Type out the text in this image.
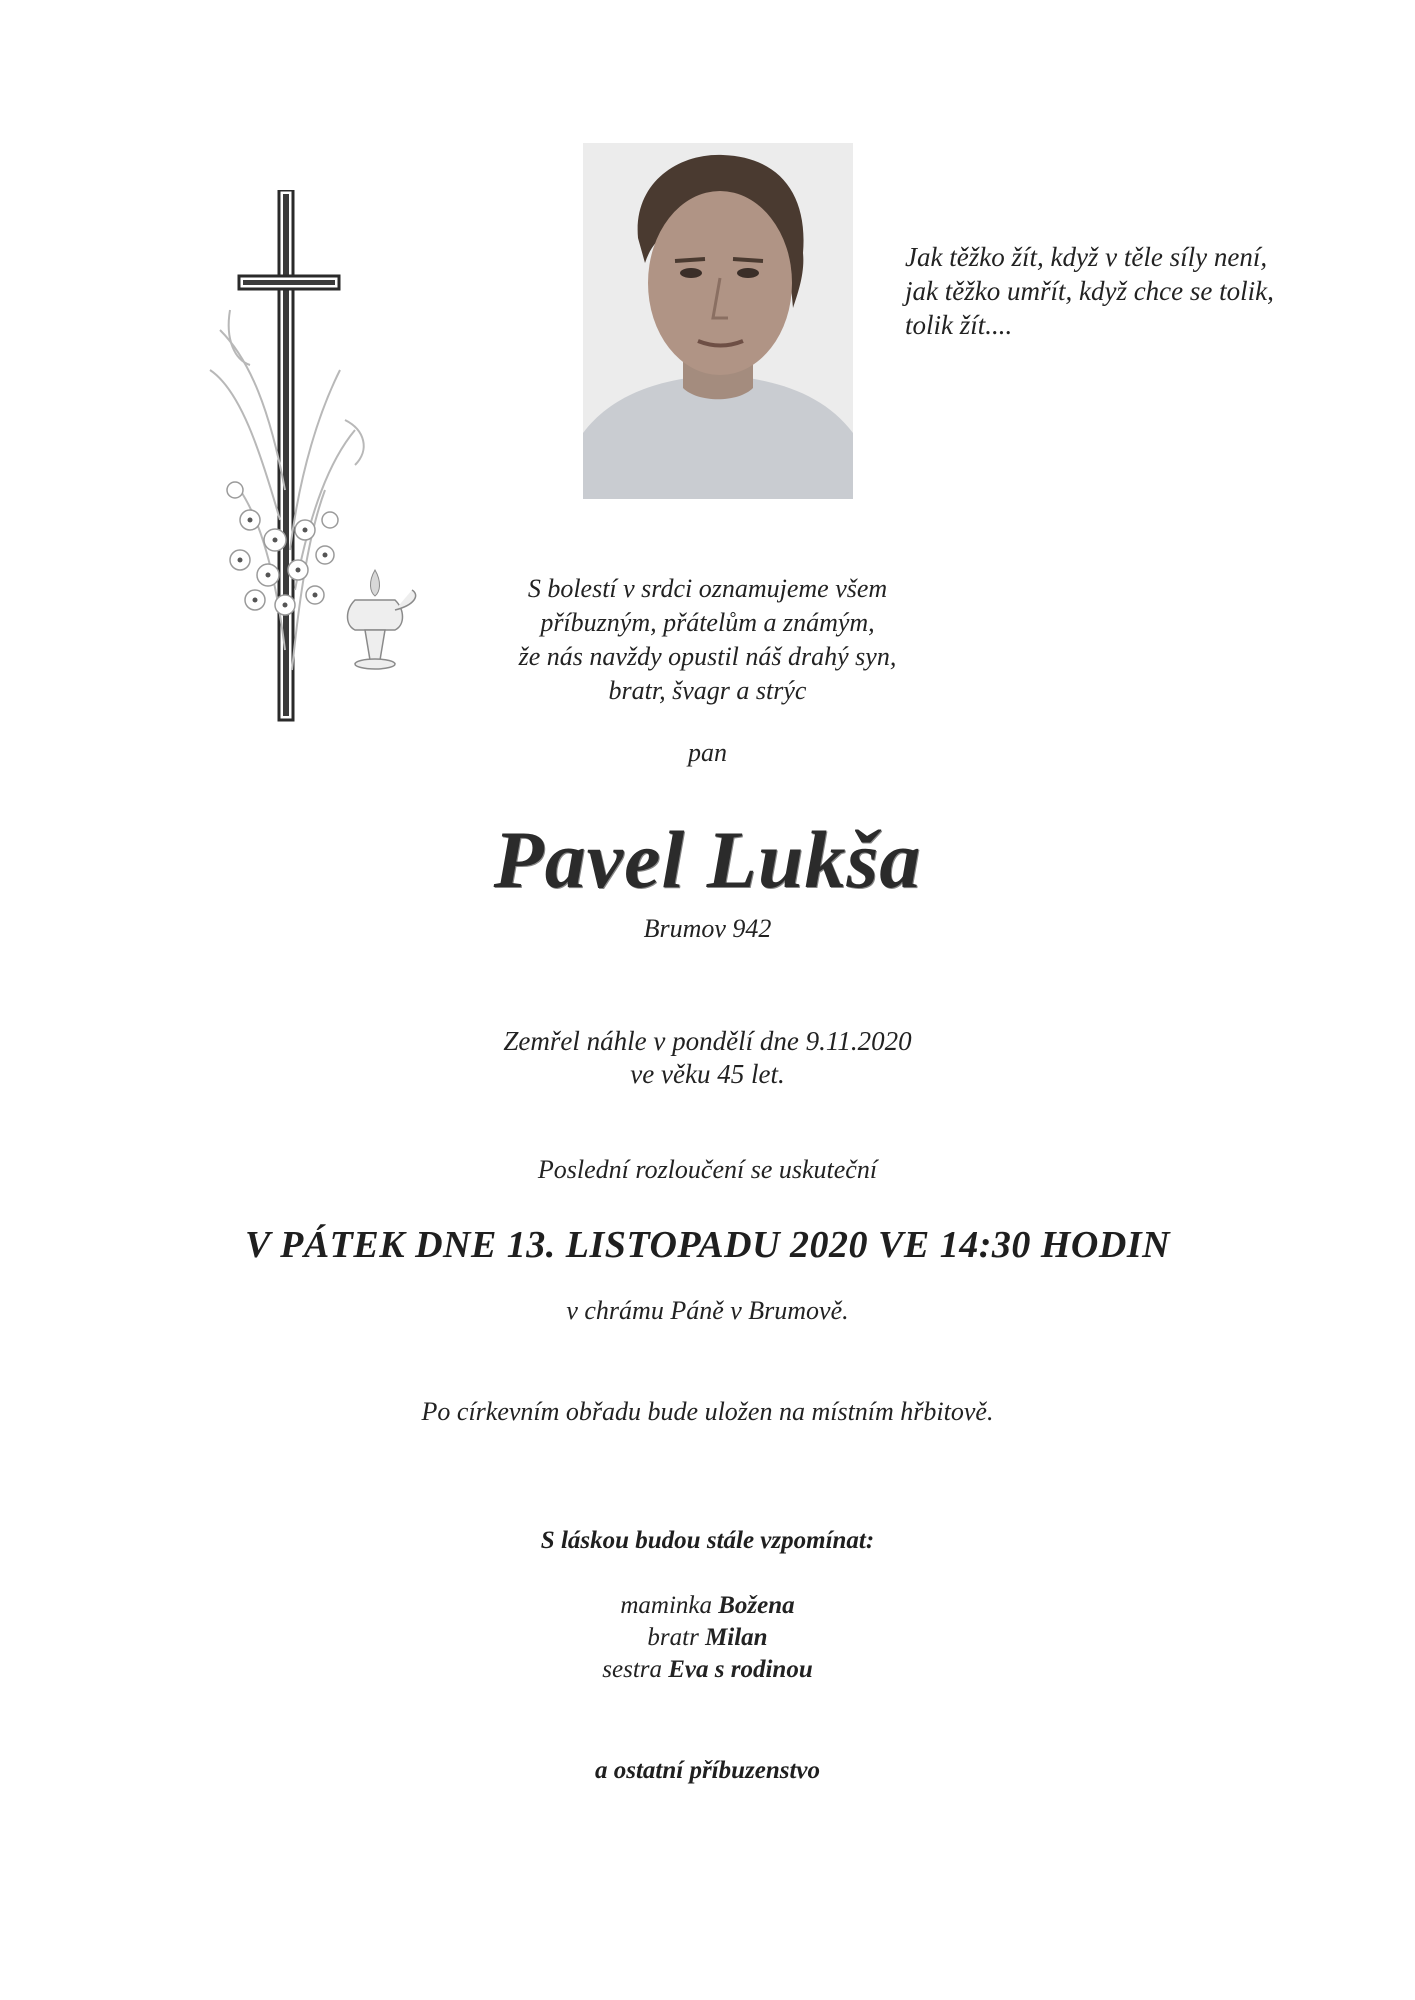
Jak těžko žít, když v těle síly není,
jak těžko umřít, když chce se tolik,
tolik žít....
S bolestí v srdci oznamujeme všem
příbuzným, přátelům a známým,
že nás navždy opustil náš drahý syn,
bratr, švagr a strýc
pan
Pavel Lukša
Brumov 942
Zemřel náhle v pondělí dne 9.11.2020
ve věku 45 let.
Poslední rozloučení se uskuteční
V PÁTEK DNE 13. LISTOPADU 2020 VE 14:30 HODIN
v chrámu Páně v Brumově.
Po církevním obřadu bude uložen na místním hřbitově.
S láskou budou stále vzpomínat:
maminka Božena
bratr Milan
sestra Eva s rodinou
a ostatní příbuzenstvo
